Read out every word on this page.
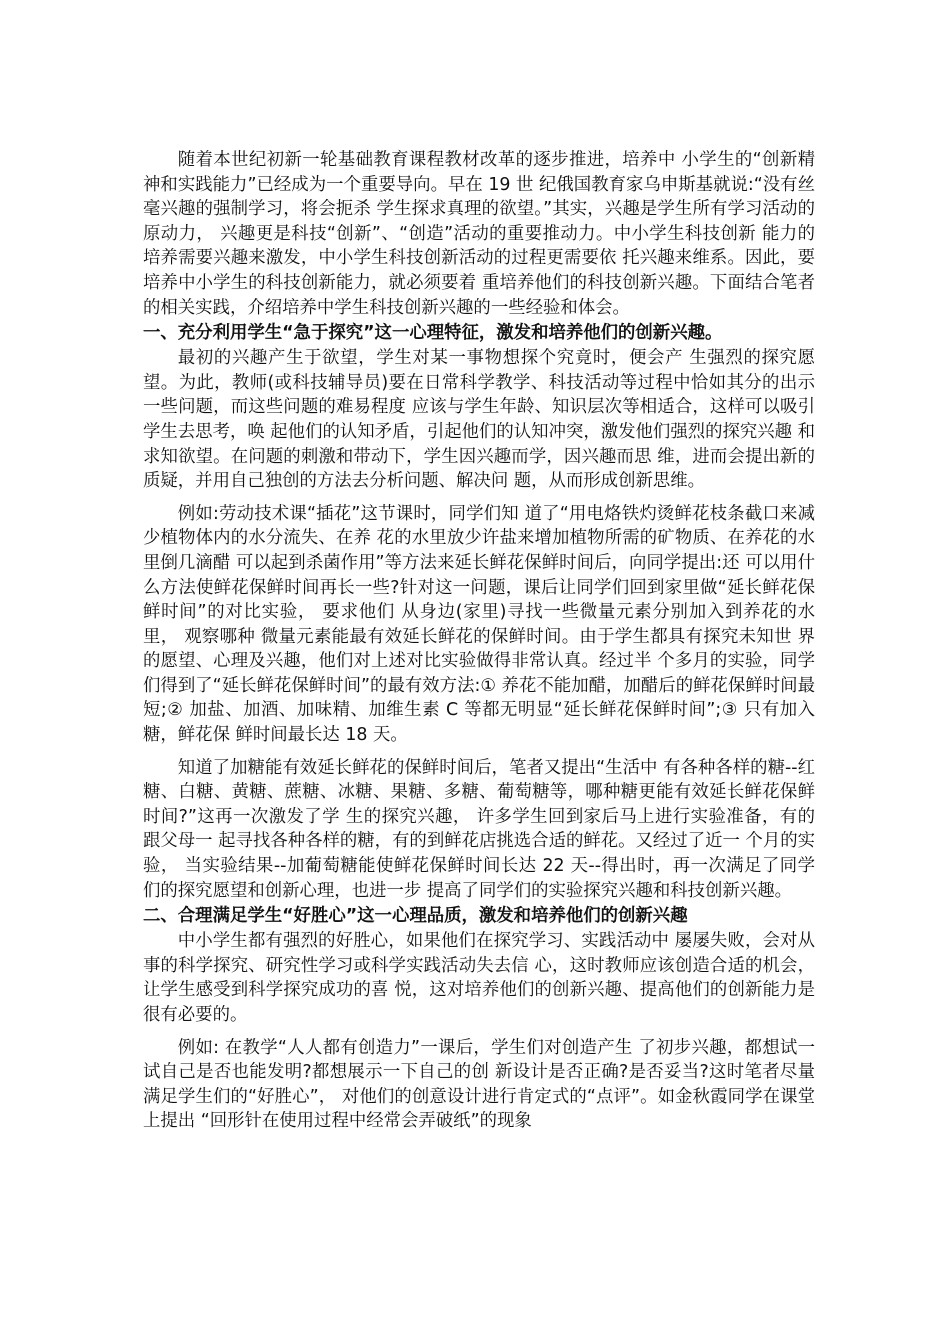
随着本世纪初新一轮基础教育课程教材改革的逐步推进，培养中 小学生的“创新精神和实践能力”已经成为一个重要导向。早在 19 世 纪俄国教育家乌申斯基就说:“没有丝毫兴趣的强制学习，将会扼杀 学生探求真理的欲望。”其实，兴趣是学生所有学习活动的原动力， 兴趣更是科技“创新”、“创造”活动的重要推动力。中小学生科技创新 能力的培养需要兴趣来激发，中小学生科技创新活动的过程更需要依 托兴趣来维系。因此，要培养中小学生的科技创新能力，就必须要着 重培养他们的科技创新兴趣。下面结合笔者的相关实践，介绍培养中学生科技创新兴趣的一些经验和体会。

一、充分利用学生“急于探究”这一心理特征，激发和培养他们的创新兴趣。

最初的兴趣产生于欲望，学生对某一事物想探个究竟时，便会产 生强烈的探究愿望。为此，教师(或科技辅导员)要在日常科学教学、科技活动等过程中恰如其分的出示一些问题，而这些问题的难易程度 应该与学生年龄、知识层次等相适合，这样可以吸引学生去思考，唤 起他们的认知矛盾，引起他们的认知冲突，激发他们强烈的探究兴趣 和求知欲望。在问题的刺激和带动下，学生因兴趣而学，因兴趣而思 维，进而会提出新的质疑，并用自己独创的方法去分析问题、解决问 题，从而形成创新思维。

例如:劳动技术课“插花”这节课时，同学们知 道了“用电烙铁灼烫鲜花枝条截口来减少植物体内的水分流失、在养 花的水里放少许盐来增加植物所需的矿物质、在养花的水里倒几滴醋 可以起到杀菌作用”等方法来延长鲜花保鲜时间后，向同学提出:还 可以用什么方法使鲜花保鲜时间再长一些?针对这一问题，课后让同学们回到家里做“延长鲜花保鲜时间”的对比实验， 要求他们 从身边(家里)寻找一些微量元素分别加入到养花的水里， 观察哪种 微量元素能最有效延长鲜花的保鲜时间。由于学生都具有探究未知世 界的愿望、心理及兴趣，他们对上述对比实验做得非常认真。经过半 个多月的实验，同学们得到了“延长鲜花保鲜时间”的最有效方法:① 养花不能加醋，加醋后的鲜花保鲜时间最短;② 加盐、加酒、加味精、加维生素 C 等都无明显“延长鲜花保鲜时间”;③ 只有加入糖，鲜花保 鲜时间最长达 18 天。

知道了加糖能有效延长鲜花的保鲜时间后，笔者又提出“生活中 有各种各样的糖--红糖、白糖、黄糖、蔗糖、冰糖、果糖、多糖、葡萄糖等，哪种糖更能有效延长鲜花保鲜时间?”这再一次激发了学 生的探究兴趣， 许多学生回到家后马上进行实验准备，有的跟父母一 起寻找各种各样的糖，有的到鲜花店挑选合适的鲜花。又经过了近一 个月的实验， 当实验结果--加葡萄糖能使鲜花保鲜时间长达 22 天--得出时，再一次满足了同学们的探究愿望和创新心理，也进一步 提高了同学们的实验探究兴趣和科技创新兴趣。

二、合理满足学生“好胜心”这一心理品质，激发和培养他们的创新兴趣

中小学生都有强烈的好胜心，如果他们在探究学习、实践活动中 屡屡失败，会对从事的科学探究、研究性学习或科学实践活动失去信 心，这时教师应该创造合适的机会，让学生感受到科学探究成功的喜 悦，这对培养他们的创新兴趣、提高他们的创新能力是很有必要的。

例如: 在教学“人人都有创造力”一课后，学生们对创造产生 了初步兴趣，都想试一试自己是否也能发明?都想展示一下自己的创 新设计是否正确?是否妥当?这时笔者尽量满足学生们的“好胜心”， 对他们的创意设计进行肯定式的“点评”。如金秋霞同学在课堂上提出 “回形针在使用过程中经常会弄破纸”的现象
